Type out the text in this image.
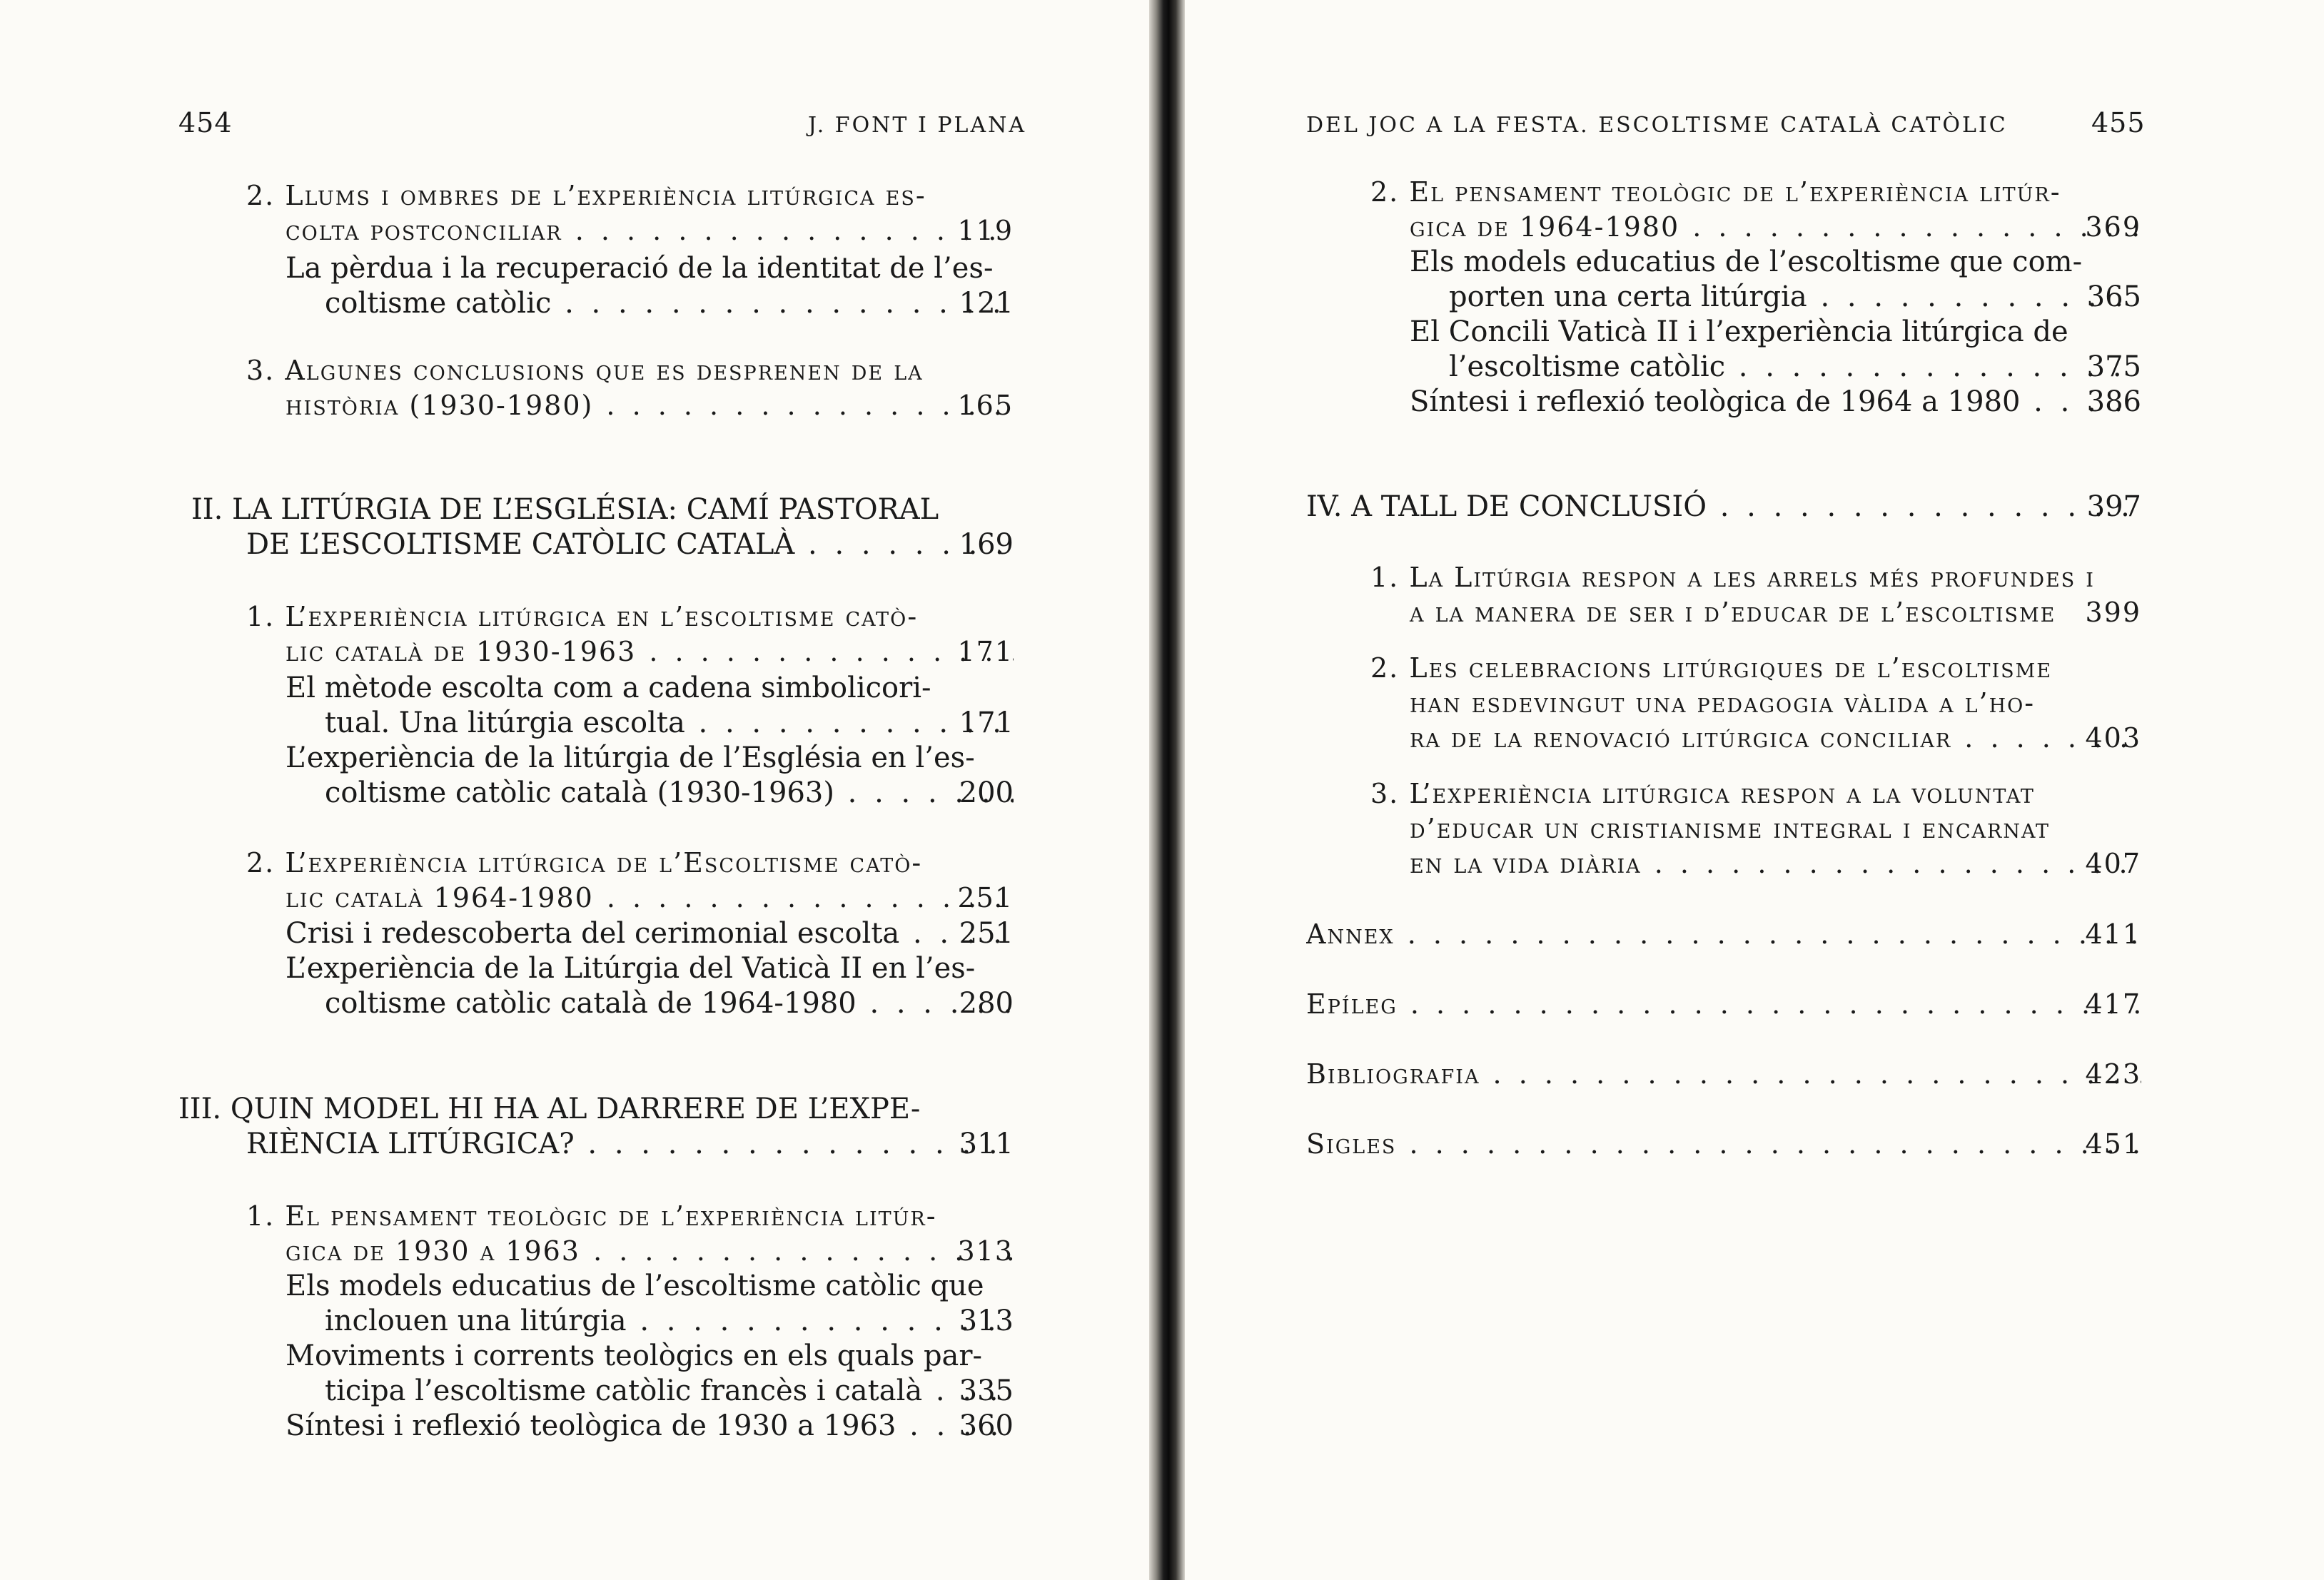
454	J. FONT I PLANA
2. Llums i ombres de l’experiència litúrgica es-
colta postconciliar . . .	119
La pèrdua i la recuperació de la identitat de l’es-
coltisme catòlic . . .	121
3. Algunes conclusions que es desprenen de la
història (1930-1980) . . .	165
II. LA LITÚRGIA DE L’ESGLÉSIA: CAMÍ PASTORAL
DE L’ESCOLTISME CATÒLIC CATALÀ . . .	169
1. L’experiència litúrgica en l’escoltisme catò-
lic català de 1930-1963 . . .	171
El mètode escolta com a cadena simbolicori-
tual. Una litúrgia escolta . . .	171
L’experiència de la litúrgia de l’Església en l’es-
coltisme catòlic català (1930-1963) . . .	200
2. L’experiència litúrgica de l’Escoltisme catò-
lic català 1964-1980 . . .	251
Crisi i redescoberta del cerimonial escolta . . . 251
L’experiència de la Litúrgia del Vaticà II en l’es-
coltisme catòlic català de 1964-1980 . . .	280
III. QUIN MODEL HI HA AL DARRERE DE L’EXPE-
RIÈNCIA LITÚRGICA? . . .	311
1. El pensament teològic de l’experiència litúr-
gica de 1930 a 1963 . . .	313
Els models educatius de l’escoltisme catòlic que
inclouen una litúrgia . . .	313
Moviments i corrents teològics en els quals par-
ticipa l’escoltisme catòlic francès i català . . . 335
Síntesi i reflexió teològica de 1930 a 1963 . . . 360
DEL JOC A LA FESTA. ESCOLTISME CATALÀ CATÒLIC	455
2. El pensament teològic de l’experiència litúr-
gica de 1964-1980 . . .	369
Els models educatius de l’escoltisme que com-
porten una certa litúrgia . . .	365
El Concili Vaticà II i l’experiència litúrgica de
l’escoltisme catòlic . . .	375
Síntesi i reflexió teològica de 1964 a 1980 . . . 386
IV. A TALL DE CONCLUSIÓ . . .	397
1. La Litúrgia respon a les arrels més profundes i
a la manera de ser i d’educar de l’escoltisme 399
2. Les celebracions litúrgiques de l’escoltisme
han esdevingut una pedagogia vàlida a l’ho-
ra de la renovació litúrgica conciliar . . .	403
3. L’experiència litúrgica respon a la voluntat
d’educar un cristianisme integral i encarnat
en la vida diària . . .	407
Annex . . .	411
Epíleg . . .	417
Bibliografia . . .	423
Sigles . . .	451
